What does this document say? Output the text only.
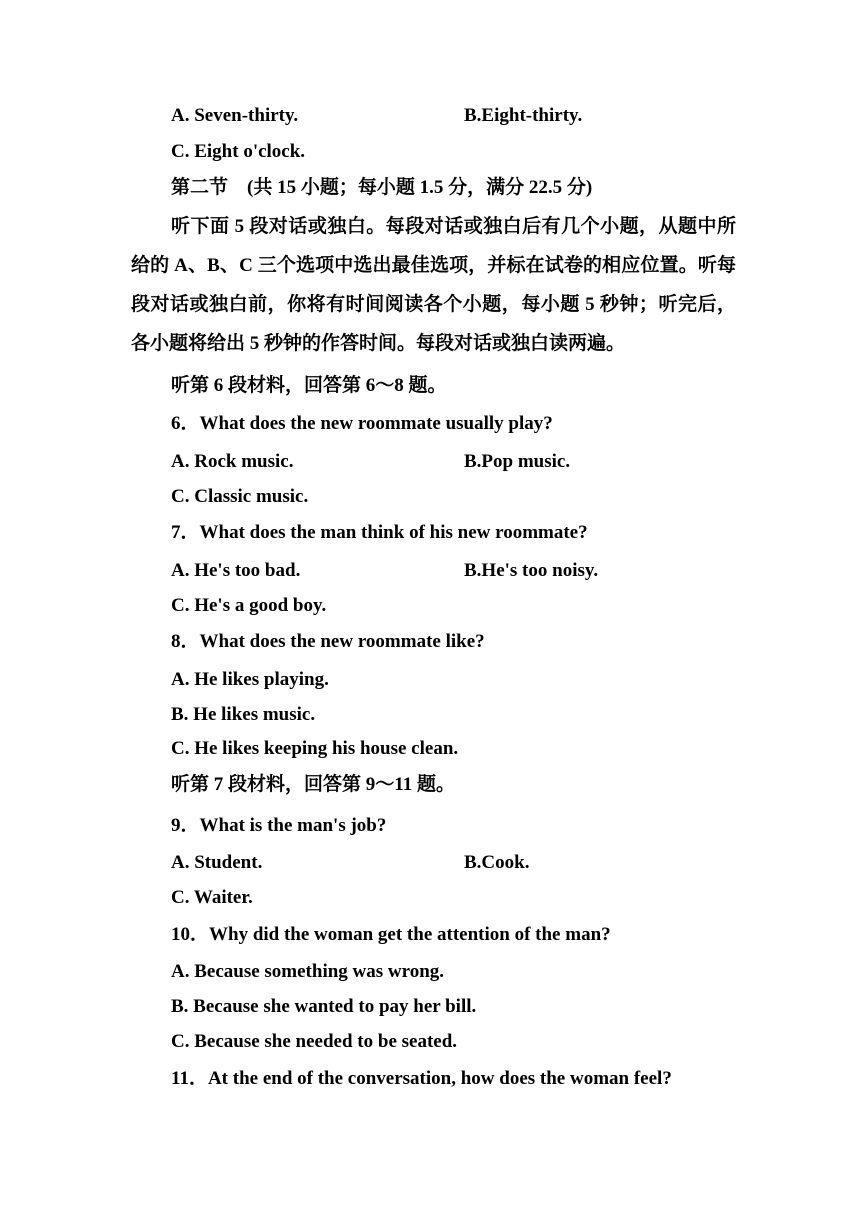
A. Seven-thirty.	B.Eight-thirty.
C. Eight o'clock.
第二节　(共 15 小题；每小题 1.5 分，满分 22.5 分)
听下面 5 段对话或独白。每段对话或独白后有几个小题，从题中所给的 A、B、C 三个选项中选出最佳选项，并标在试卷的相应位置。听每段对话或独白前，你将有时间阅读各个小题，每小题 5 秒钟；听完后，各小题将给出 5 秒钟的作答时间。每段对话或独白读两遍。
听第 6 段材料，回答第 6～8 题。
6．What does the new roommate usually play?
A. Rock music.	B.Pop music.
C. Classic music.
7．What does the man think of his new roommate?
A. He's too bad.	B.He's too noisy.
C. He's a good boy.
8．What does the new roommate like?
A. He likes playing.
B. He likes music.
C. He likes keeping his house clean.
听第 7 段材料，回答第 9～11 题。
9．What is the man's job?
A. Student.	B.Cook.
C. Waiter.
10．Why did the woman get the attention of the man?
A. Because something was wrong.
B. Because she wanted to pay her bill.
C. Because she needed to be seated.
11．At the end of the conversation, how does the woman feel?
